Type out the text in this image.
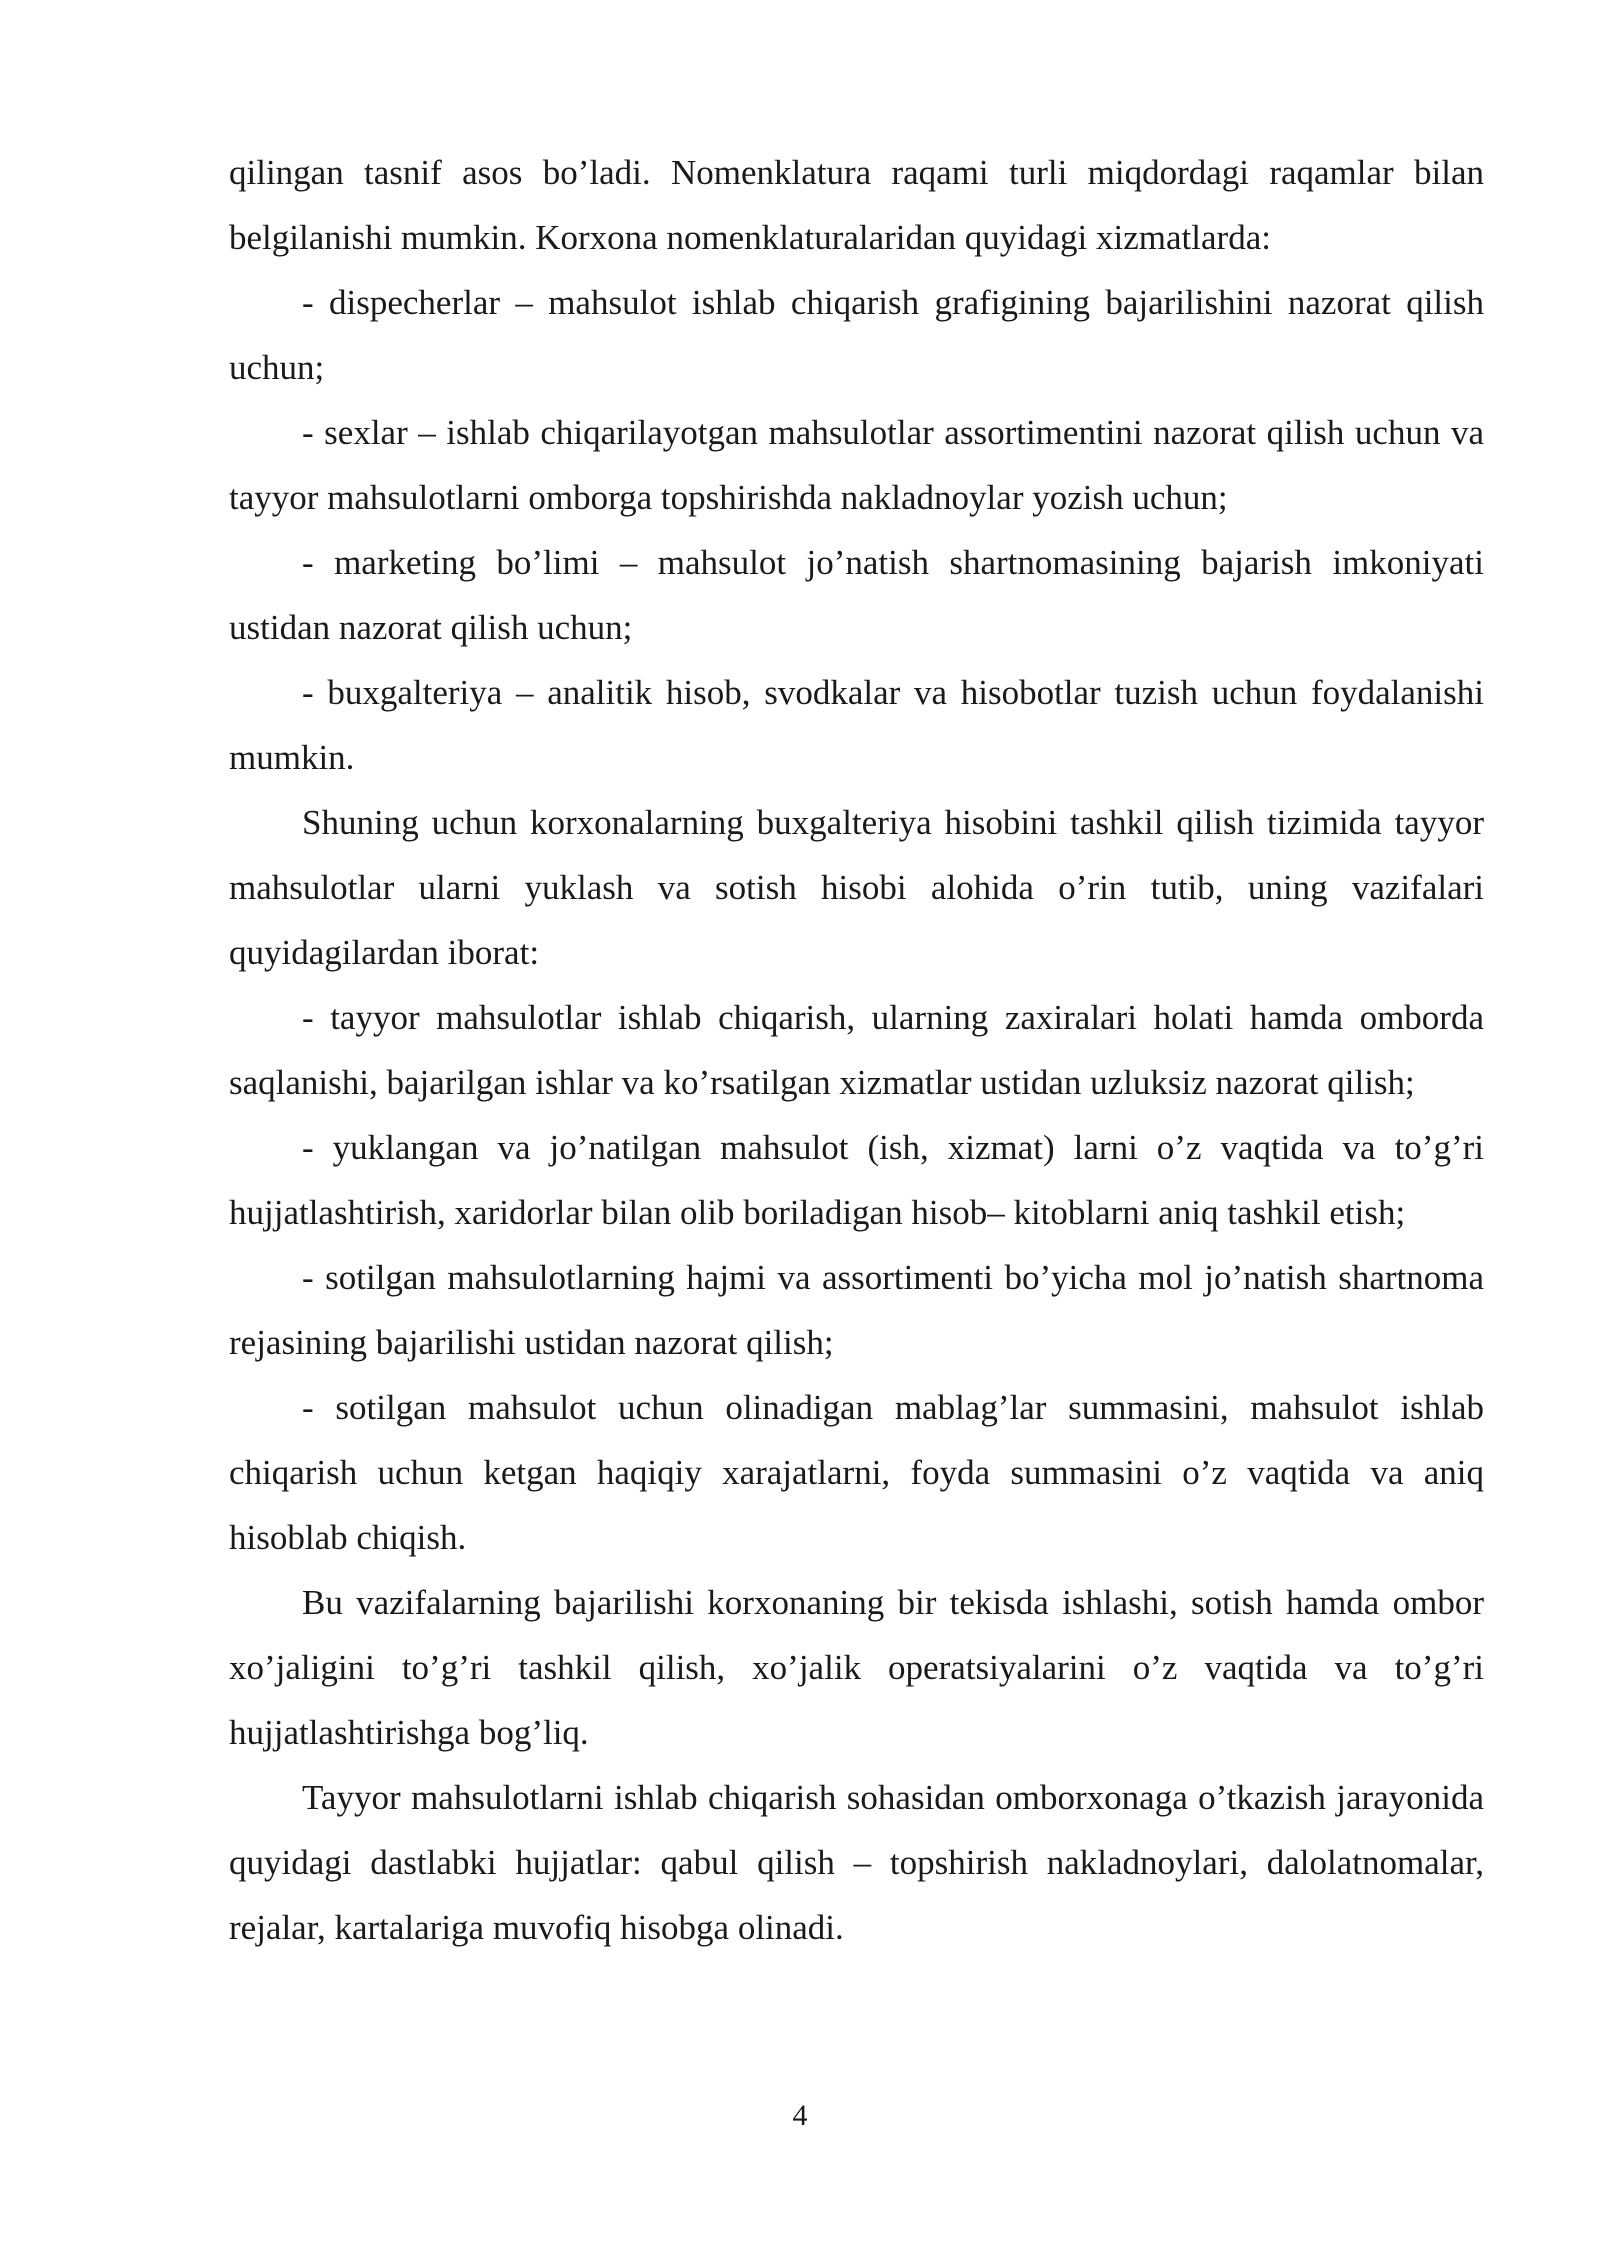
qilingan tasnif asos bo’ladi. Nomenklatura raqami turli miqdordagi raqamlar bilan belgilanishi mumkin. Korxona nomenklaturalaridan quyidagi xizmatlarda:

- dispecherlar – mahsulot ishlab chiqarish grafigining bajarilishini nazorat qilish uchun;

- sexlar – ishlab chiqarilayotgan mahsulotlar assortimentini nazorat qilish uchun va tayyor mahsulotlarni omborga topshirishda nakladnoylar yozish uchun;

- marketing bo’limi – mahsulot jo’natish shartnomasining bajarish imkoniyati ustidan nazorat qilish uchun;

- buxgalteriya – analitik hisob, svodkalar va hisobotlar tuzish uchun foydalanishi mumkin.

Shuning uchun korxonalarning buxgalteriya hisobini tashkil qilish tizimida tayyor mahsulotlar ularni yuklash va sotish hisobi alohida o’rin tutib, uning vazifalari quyidagilardan iborat:

- tayyor mahsulotlar ishlab chiqarish, ularning zaxiralari holati hamda omborda saqlanishi, bajarilgan ishlar va ko’rsatilgan xizmatlar ustidan uzluksiz nazorat qilish;

- yuklangan va jo’natilgan mahsulot (ish, xizmat) larni o’z vaqtida va to’g’ri hujjatlashtirish, xaridorlar bilan olib boriladigan hisob– kitoblarni aniq tashkil etish;

- sotilgan mahsulotlarning hajmi va assortimenti bo’yicha mol jo’natish shartnoma rejasining bajarilishi ustidan nazorat qilish;

- sotilgan mahsulot uchun olinadigan mablag’lar summasini, mahsulot ishlab chiqarish uchun ketgan haqiqiy xarajatlarni, foyda summasini o’z vaqtida va aniq hisoblab chiqish.

Bu vazifalarning bajarilishi korxonaning bir tekisda ishlashi, sotish hamda ombor xo’jaligini to’g’ri tashkil qilish, xo’jalik operatsiyalarini o’z vaqtida va to’g’ri hujjatlashtirishga bog’liq.

Tayyor mahsulotlarni ishlab chiqarish sohasidan omborxonaga o’tkazish jarayonida quyidagi dastlabki hujjatlar: qabul qilish – topshirish nakladnoylari, dalolatnomalar, rejalar, kartalariga muvofiq hisobga olinadi.

4
